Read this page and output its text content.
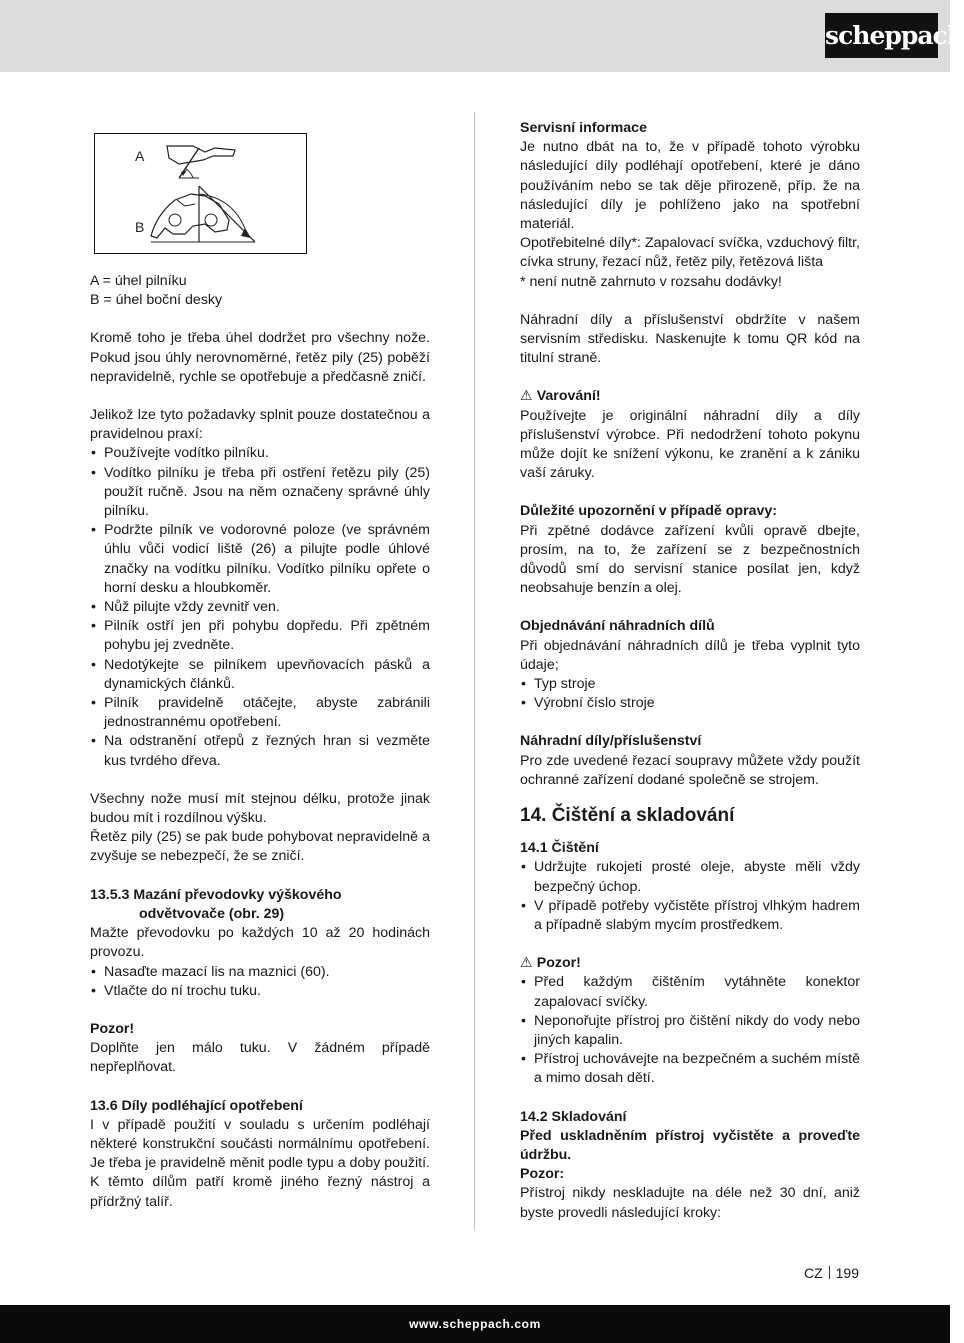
scheppach
A
B

A = úhel pilníku

B = úhel boční desky

Kromě toho je třeba úhel dodržet pro všechny nože. Pokud jsou úhly nerovnoměrné, řetěz pily (25) poběží nepravidelně, rychle se opotřebuje a předčasně zničí.

Jelikož lze tyto požadavky splnit pouze dostatečnou a pravidelnou praxí:

• Používejte vodítko pilníku.
• Vodítko pilníku je třeba při ostření řetězu pily (25) použít ručně. Jsou na něm označeny správné úhly pilníku.
• Podržte pilník ve vodorovné poloze (ve správném úhlu vůči vodicí liště (26) a pilujte podle úhlové značky na vodítku pilníku. Vodítko pilníku opřete o horní desku a hloubkoměr.
• Nůž pilujte vždy zevnitř ven.
• Pilník ostří jen při pohybu dopředu. Při zpětném pohybu jej zvedněte.
• Nedotýkejte se pilníkem upevňovacích pásků a dynamických článků.
• Pilník pravidelně otáčejte, abyste zabránili jednostrannému opotřebení.
• Na odstranění otřepů z řezných hran si vezměte kus tvrdého dřeva.

Všechny nože musí mít stejnou délku, protože jinak budou mít i rozdílnou výšku.

Řetěz pily (25) se pak bude pohybovat nepravidelně a zvyšuje se nebezpečí, že se zničí.

13.5.3 Mazání převodovky výškového odvětvovače (obr. 29)

Mažte převodovku po každých 10 až 20 hodinách provozu.

• Nasaďte mazací lis na maznici (60).
• Vtlačte do ní trochu tuku.

Pozor!

Doplňte jen málo tuku. V žádném případě nepřeplňovat.

13.6 Díly podléhající opotřebení

I v případě použití v souladu s určením podléhají některé konstrukční součásti normálnímu opotřebení. Je třeba je pravidelně měnit podle typu a doby použití. K těmto dílům patří kromě jiného řezný nástroj a přídržný talíř.

Servisní informace

Je nutno dbát na to, že v případě tohoto výrobku následující díly podléhají opotřebení, které je dáno používáním nebo se tak děje přirozeně, příp. že na následující díly je pohlíženo jako na spotřební materiál.

Opotřebitelné díly*: Zapalovací svíčka, vzduchový filtr, cívka struny, řezací nůž, řetěz pily, řetězová lišta

* není nutně zahrnuto v rozsahu dodávky!

Náhradní díly a příslušenství obdržíte v našem servisním středisku. Naskenujte k tomu QR kód na titulní straně.

⚠ Varování!

Používejte je originální náhradní díly a díly příslušenství výrobce. Při nedodržení tohoto pokynu může dojít ke snížení výkonu, ke zranění a k zániku vaší záruky.

Důležité upozornění v případě opravy:

Při zpětné dodávce zařízení kvůli opravě dbejte, prosím, na to, že zařízení se z bezpečnostních důvodů smí do servisní stanice posílat jen, když neobsahuje benzín a olej.

Objednávání náhradních dílů

Při objednávání náhradních dílů je třeba vyplnit tyto údaje;

• Typ stroje
• Výrobní číslo stroje

Náhradní díly/příslušenství

Pro zde uvedené řezací soupravy můžete vždy použít ochranné zařízení dodané společně se strojem.

14. Čištění a skladování

14.1 Čištění

• Udržujte rukojeti prosté oleje, abyste měli vždy bezpečný úchop.
• V případě potřeby vyčistěte přístroj vlhkým hadrem a případně slabým mycím prostředkem.

⚠ Pozor!

• Před každým čištěním vytáhněte konektor zapalovací svíčky.
• Neponořujte přístroj pro čištění nikdy do vody nebo jiných kapalin.
• Přístroj uchovávejte na bezpečném a suchém místě a mimo dosah dětí.

14.2 Skladování

Před uskladněním přístroj vyčistěte a proveďte údržbu.

Pozor:

Přístroj nikdy neskladujte na déle než 30 dní, aniž byste provedli následující kroky:

CZ 199
www.scheppach.com
